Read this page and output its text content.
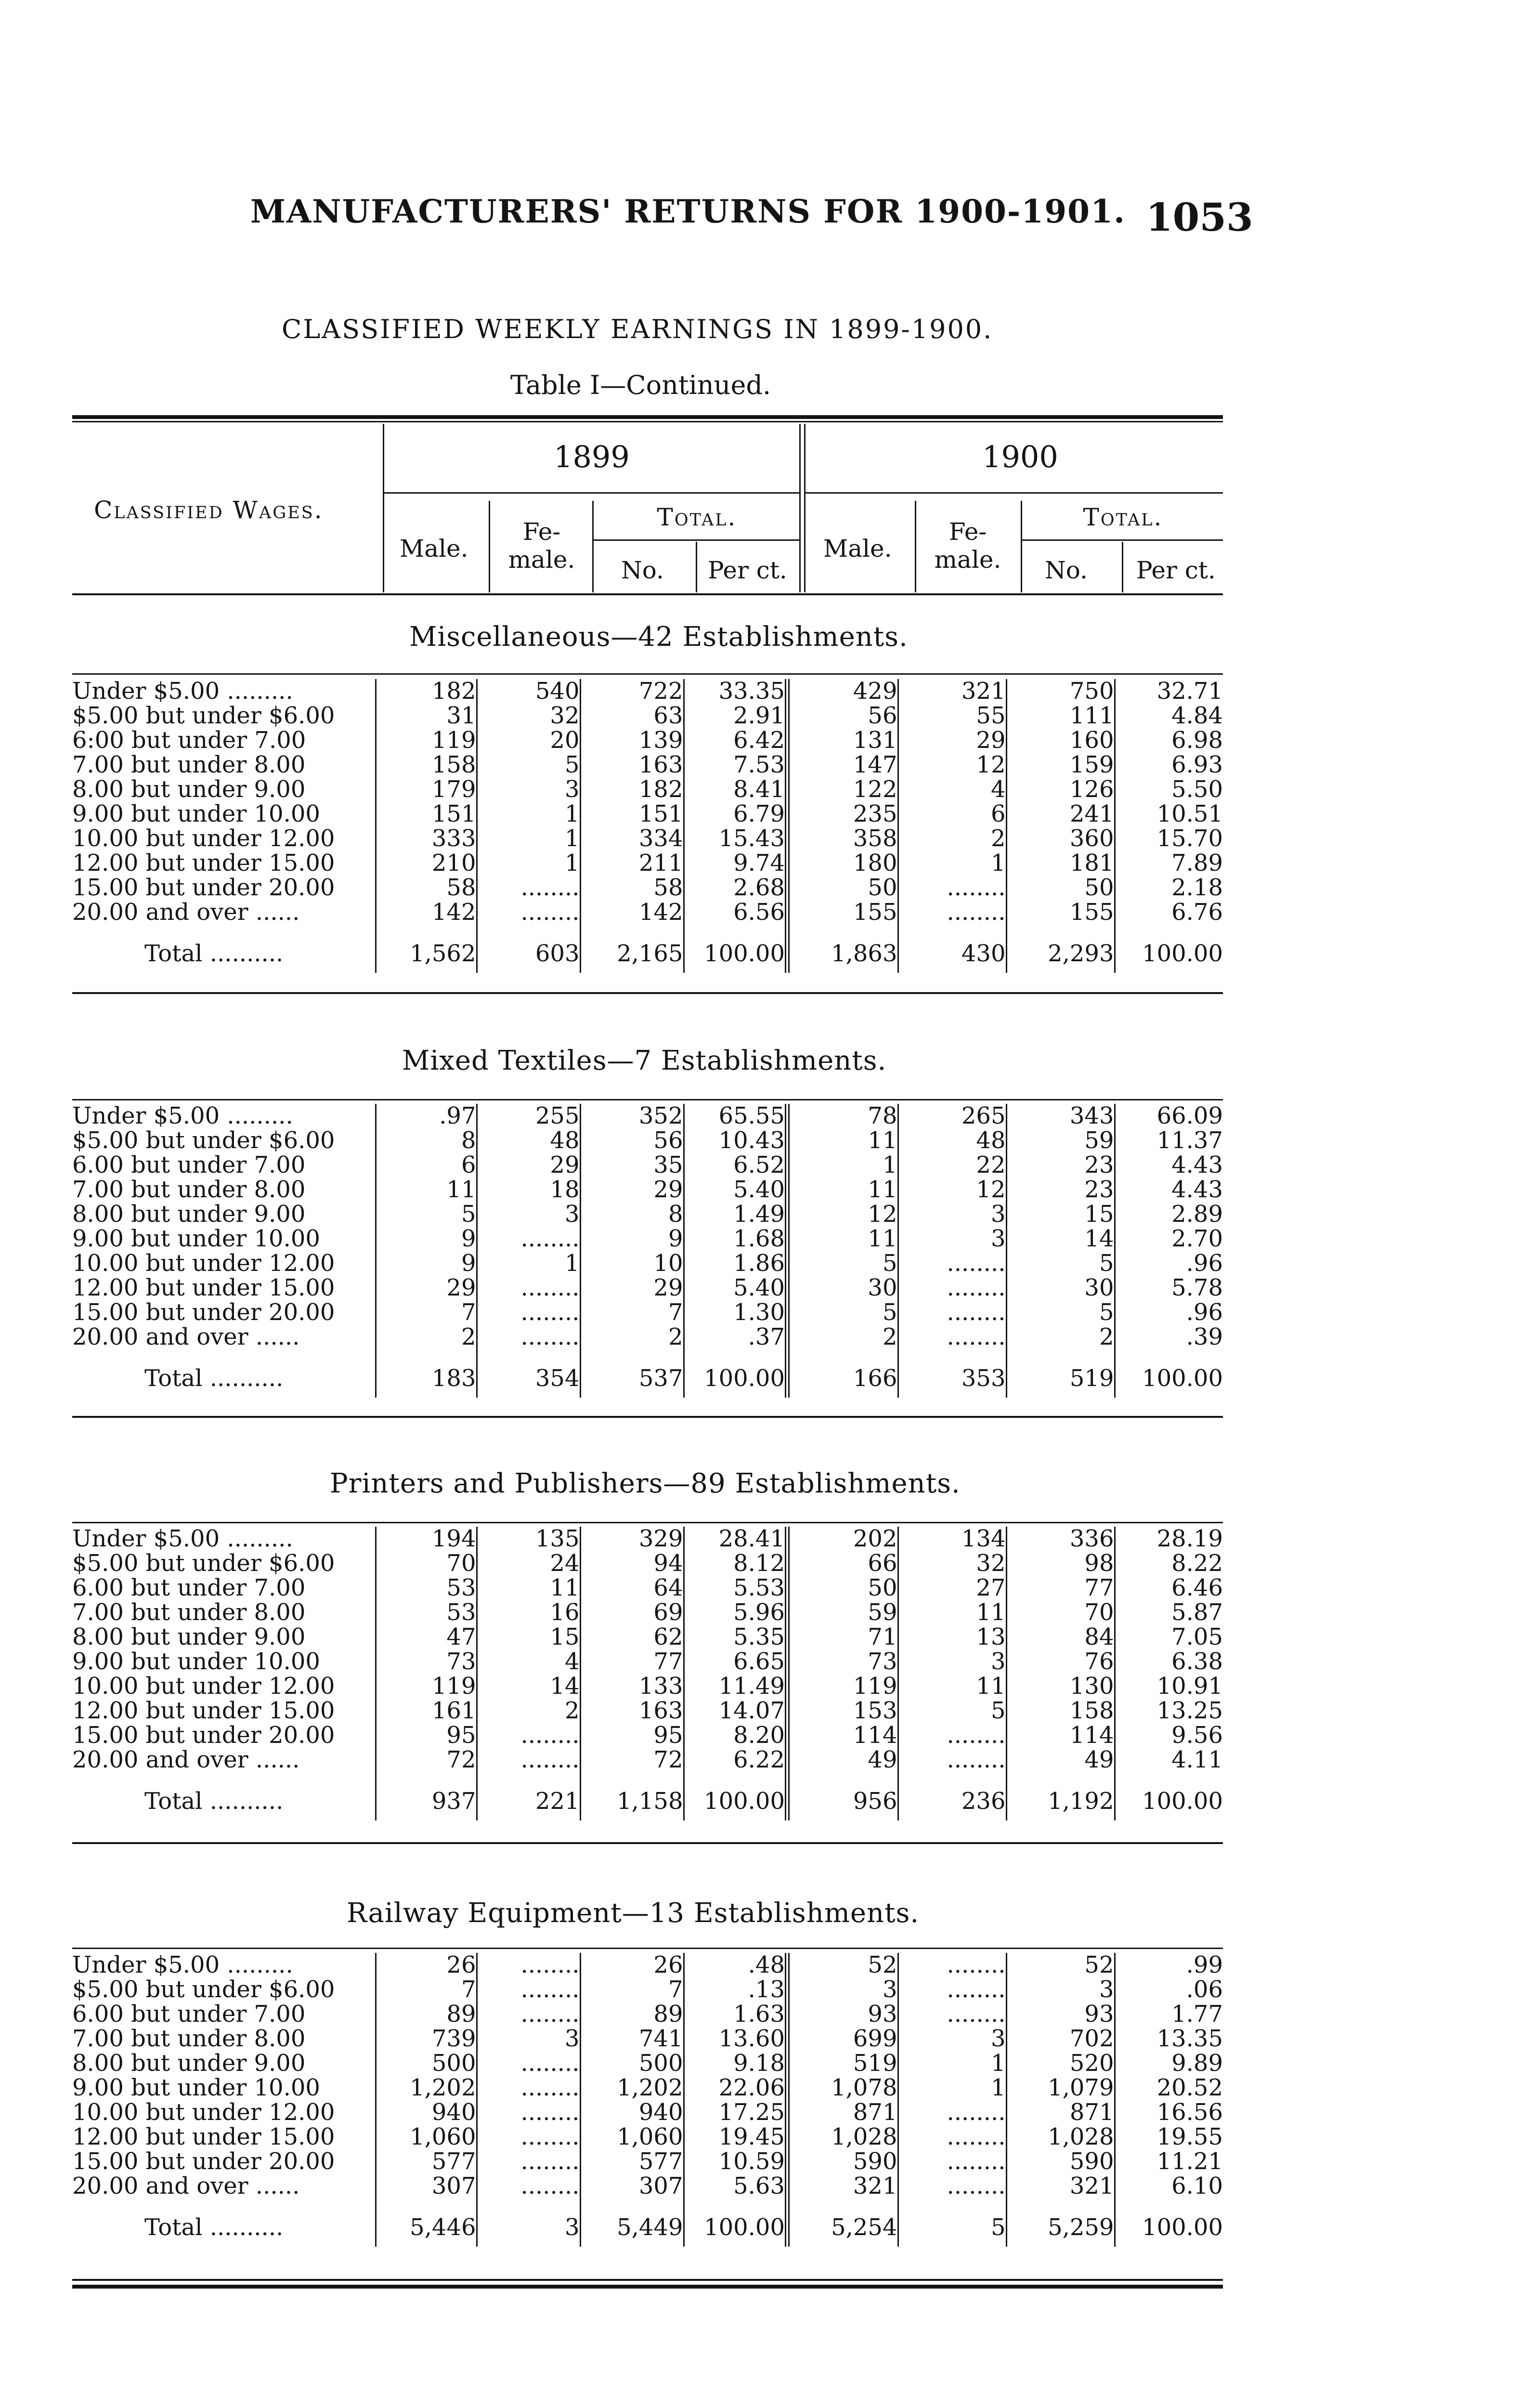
MANUFACTURERS' RETURNS FOR 1900-1901. 1053
CLASSIFIED WEEKLY EARNINGS IN 1899-1900.
Table I—Continued.
Classified Wages.
1899	1900
Male.
Fe- male.
Total.
No. Per ct.
Male.
Fe- male.
Total.
No. Per ct.
Miscellaneous—42 Establishments.
Under $5.00 .........	182	540	722	33.35	429	321	750	32.71
$5.00 but under $6.00	31	32	63	2.91	56	55	111	4.84
6:00 but under 7.00	119	20	139	6.42	131	29	160	6.98
7.00 but under 8.00	158	5	163	7.53	147	12	159	6.93
8.00 but under 9.00	179	3	182	8.41	122	4	126	5.50
9.00 but under 10.00	151	1	151	6.79	235	6	241	10.51
10.00 but under 12.00	333	1	334	15.43	358	2	360	15.70
12.00 but under 15.00	210	1	211	9.74	180	1	181	7.89
15.00 but under 20.00	58	........	58	2.68	50	........	50	2.18
20.00 and over ......	142	........	142	6.56	155	........	155	6.76
Total ..........	1,562	603	2,165	100.00	1,863	430	2,293	100.00
Mixed Textiles—7 Establishments.
Under $5.00 .........	.97	255	352	65.55	78	265	343	66.09
$5.00 but under $6.00	8	48	56	10.43	11	48	59	11.37
6.00 but under 7.00	6	29	35	6.52	1	22	23	4.43
7.00 but under 8.00	11	18	29	5.40	11	12	23	4.43
8.00 but under 9.00	5	3	8	1.49	12	3	15	2.89
9.00 but under 10.00	9	........	9	1.68	11	3	14	2.70
10.00 but under 12.00	9	1	10	1.86	5	........	5	.96
12.00 but under 15.00	29	........	29	5.40	30	........	30	5.78
15.00 but under 20.00	7	........	7	1.30	5	........	5	.96
20.00 and over ......	2	........	2	.37	2	........	2	.39
Total ..........	183	354	537	100.00	166	353	519	100.00
Printers and Publishers—89 Establishments.
Under $5.00 .........	194	135	329	28.41	202	134	336	28.19
$5.00 but under $6.00	70	24	94	8.12	66	32	98	8.22
6.00 but under 7.00	53	11	64	5.53	50	27	77	6.46
7.00 but under 8.00	53	16	69	5.96	59	11	70	5.87
8.00 but under 9.00	47	15	62	5.35	71	13	84	7.05
9.00 but under 10.00	73	4	77	6.65	73	3	76	6.38
10.00 but under 12.00	119	14	133	11.49	119	11	130	10.91
12.00 but under 15.00	161	2	163	14.07	153	5	158	13.25
15.00 but under 20.00	95	........	95	8.20	114	........	114	9.56
20.00 and over ......	72	........	72	6.22	49	........	49	4.11
Total ..........	937	221	1,158	100.00	956	236	1,192	100.00
Railway Equipment—13 Establishments.
Under $5.00 .........	26	........	26	.48	52	........	52	.99
$5.00 but under $6.00	7	........	7	.13	3	........	3	.06
6.00 but under 7.00	89	........	89	1.63	93	........	93	1.77
7.00 but under 8.00	739	3	741	13.60	699	3	702	13.35
8.00 but under 9.00	500	........	500	9.18	519	1	520	9.89
9.00 but under 10.00	1,202	........	1,202	22.06	1,078	1	1,079	20.52
10.00 but under 12.00	940	........	940	17.25	871	........	871	16.56
12.00 but under 15.00	1,060	........	1,060	19.45	1,028	........	1,028	19.55
15.00 but under 20.00	577	........	577	10.59	590	........	590	11.21
20.00 and over ......	307	........	307	5.63	321	........	321	6.10
Total ..........	5,446	3	5,449	100.00	5,254	5	5,259	100.00
